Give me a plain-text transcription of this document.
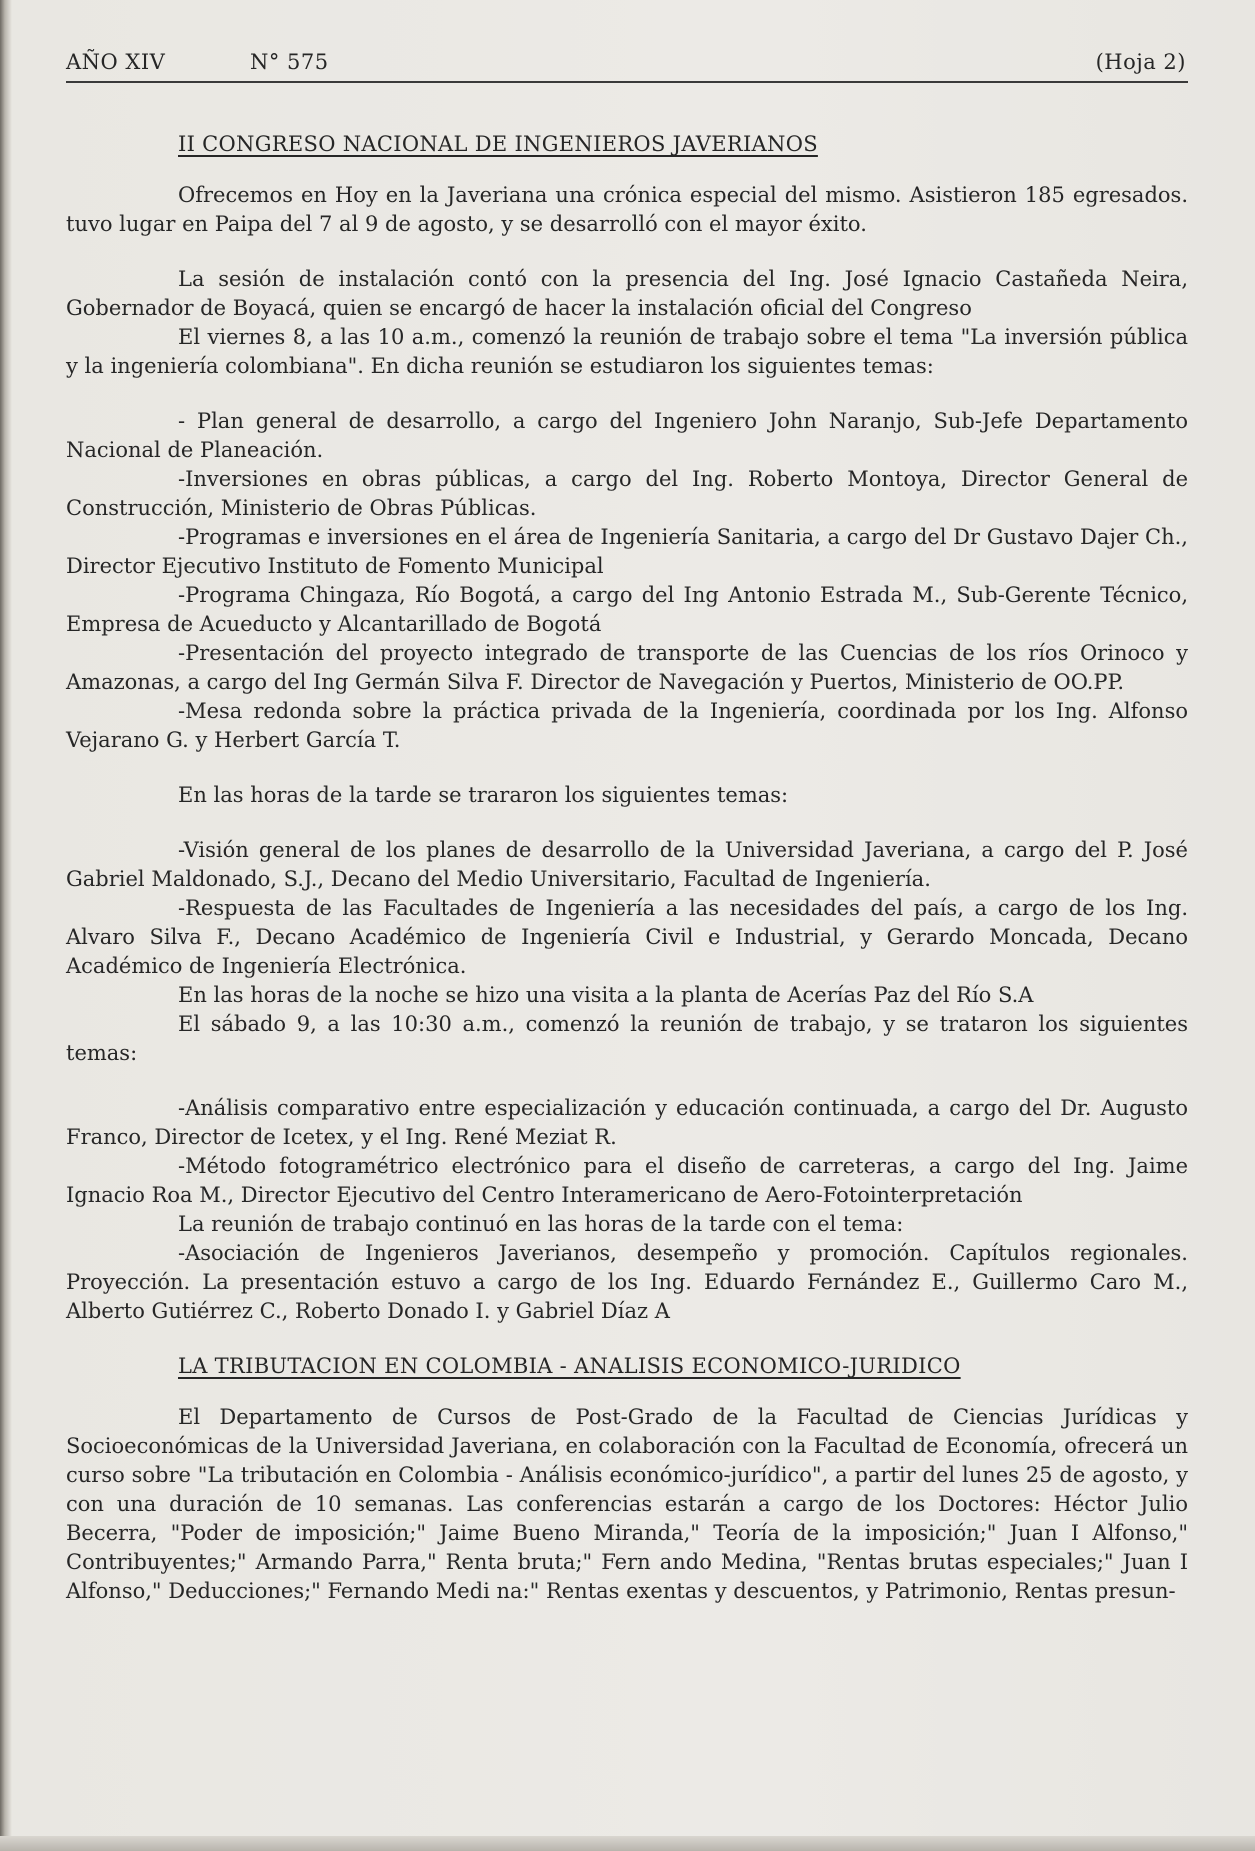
AÑO XIV	N° 575	(Hoja 2)

II CONGRESO NACIONAL DE INGENIEROS JAVERIANOS

Ofrecemos en Hoy en la Javeriana una crónica especial del mismo. Asistieron 185 egresados. tuvo lugar en Paipa del 7 al 9 de agosto, y se desarrolló con el mayor éxito.

La sesión de instalación contó con la presencia del Ing. José Ignacio Castañeda Neira, Gobernador de Boyacá, quien se encargó de hacer la instalación oficial del Congreso

El viernes 8, a las 10 a.m., comenzó la reunión de trabajo sobre el tema "La inversión pública y la ingeniería colombiana". En dicha reunión se estudiaron los siguientes temas:

- Plan general de desarrollo, a cargo del Ingeniero John Naranjo, Sub-Jefe Departamento Nacional de Planeación.

-Inversiones en obras públicas, a cargo del Ing. Roberto Montoya, Director General de Construcción, Ministerio de Obras Públicas.

-Programas e inversiones en el área de Ingeniería Sanitaria, a cargo del Dr Gustavo Dajer Ch., Director Ejecutivo Instituto de Fomento Municipal

-Programa Chingaza, Río Bogotá, a cargo del Ing Antonio Estrada M., Sub-Gerente Técnico, Empresa de Acueducto y Alcantarillado de Bogotá

-Presentación del proyecto integrado de transporte de las Cuencias de los ríos Orinoco y Amazonas, a cargo del Ing Germán Silva F. Director de Navegación y Puertos, Ministerio de OO.PP.

-Mesa redonda sobre la práctica privada de la Ingeniería, coordinada por los Ing. Alfonso Vejarano G. y Herbert García T.

En las horas de la tarde se trararon los siguientes temas:

-Visión general de los planes de desarrollo de la Universidad Javeriana, a cargo del P. José Gabriel Maldonado, S.J., Decano del Medio Universitario, Facultad de Ingeniería.

-Respuesta de las Facultades de Ingeniería a las necesidades del país, a cargo de los Ing. Alvaro Silva F., Decano Académico de Ingeniería Civil e Industrial, y Gerardo Moncada, Decano Académico de Ingeniería Electrónica.

En las horas de la noche se hizo una visita a la planta de Acerías Paz del Río S.A

El sábado 9, a las 10:30 a.m., comenzó la reunión de trabajo, y se trataron los siguientes temas:

-Análisis comparativo entre especialización y educación continuada, a cargo del Dr. Augusto Franco, Director de Icetex, y el Ing. René Meziat R.

-Método fotogramétrico electrónico para el diseño de carreteras, a cargo del Ing. Jaime Ignacio Roa M., Director Ejecutivo del Centro Interamericano de Aero-Fotointerpretación

La reunión de trabajo continuó en las horas de la tarde con el tema:

-Asociación de Ingenieros Javerianos, desempeño y promoción. Capítulos regionales. Proyección. La presentación estuvo a cargo de los Ing. Eduardo Fernández E., Guillermo Caro M., Alberto Gutiérrez C., Roberto Donado I. y Gabriel Díaz A

LA TRIBUTACION EN COLOMBIA - ANALISIS ECONOMICO-JURIDICO

El Departamento de Cursos de Post-Grado de la Facultad de Ciencias Jurídicas y Socioeconómicas de la Universidad Javeriana, en colaboración con la Facultad de Economía, ofrecerá un curso sobre "La tributación en Colombia - Análisis económico-jurídico", a partir del lunes 25 de agosto, y con una duración de 10 semanas. Las conferencias estarán a cargo de los Doctores: Héctor Julio Becerra, "Poder de imposición;" Jaime Bueno Miranda," Teoría de la imposición;" Juan I Alfonso," Contribuyentes;" Armando Parra," Renta bruta;" Fern ando Medina, "Rentas brutas especiales;" Juan I Alfonso," Deducciones;" Fernando Medi na:" Rentas exentas y descuentos, y Patrimonio, Rentas presun-
